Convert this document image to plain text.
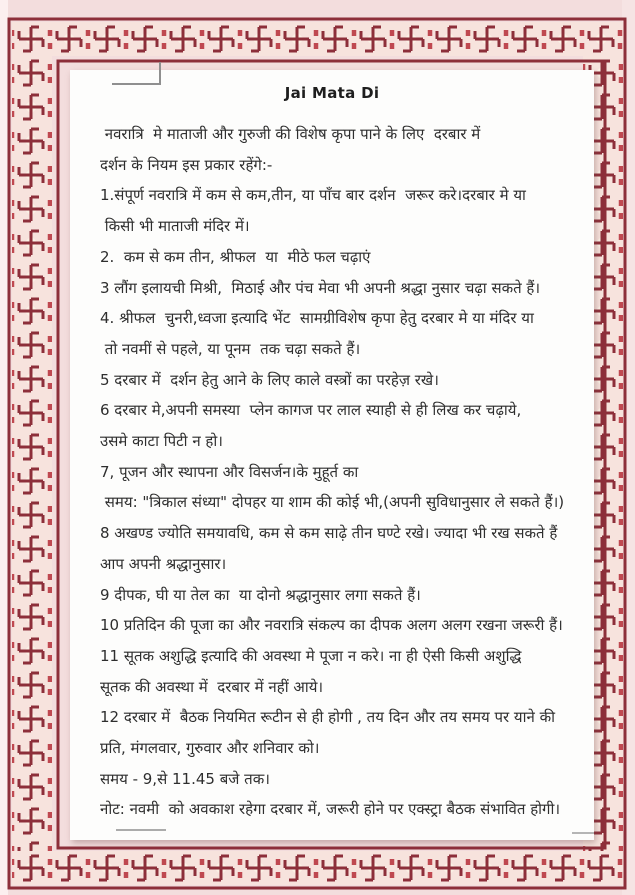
Jai Mata Di
नवरात्रि  मे माताजी और गुरुजी की विशेष कृपा पाने के लिए  दरबार में
दर्शन के नियम इस प्रकार रहेंगे:-
1.संपूर्ण नवरात्रि में कम से कम,तीन, या पाँच बार दर्शन  जरूर करे।दरबार मे या
किसी भी माताजी मंदिर में।
2.  कम से कम तीन, श्रीफल  या  मीठे फल चढ़ाएं
3 लौंग इलायची मिश्री,  मिठाई और पंच मेवा भी अपनी श्रद्धा नुसार चढ़ा सकते हैं।
4. श्रीफल  चुनरी,ध्वजा इत्यादि भेंट  सामग्रीविशेष कृपा हेतु दरबार मे या मंदिर या
तो नवमीं से पहले, या पूनम  तक चढ़ा सकते हैं।
5 दरबार में  दर्शन हेतु आने के लिए काले वस्त्रों का परहेज़ रखे।
6 दरबार मे,अपनी समस्या  प्लेन कागज पर लाल स्याही से ही लिख कर चढ़ाये,
उसमे काटा पिटी न हो।
7, पूजन और स्थापना और विसर्जन।के मुहूर्त का
समय: "त्रिकाल संध्या" दोपहर या शाम की कोई भी,(अपनी सुविधानुसार ले सकते हैं।)
8 अखण्ड ज्योति समयावधि, कम से कम साढ़े तीन घण्टे रखे। ज्यादा भी रख सकते हैं
आप अपनी श्रद्धानुसार।
9 दीपक, घी या तेल का  या दोनो श्रद्धानुसार लगा सकते हैं।
10 प्रतिदिन की पूजा का और नवरात्रि संकल्प का दीपक अलग अलग रखना जरूरी हैं।
11 सूतक अशुद्धि इत्यादि की अवस्था मे पूजा न करे। ना ही ऐसी किसी अशुद्धि
सूतक की अवस्था में  दरबार में नहीं आये।
12 दरबार में  बैठक नियमित रूटीन से ही होगी , तय दिन और तय समय पर याने की
प्रति, मंगलवार, गुरुवार और शनिवार को।
समय - 9,से 11.45 बजे तक।
नोट: नवमी  को अवकाश रहेगा दरबार में, जरूरी होने पर एक्स्ट्रा बैठक संभावित होगी।
